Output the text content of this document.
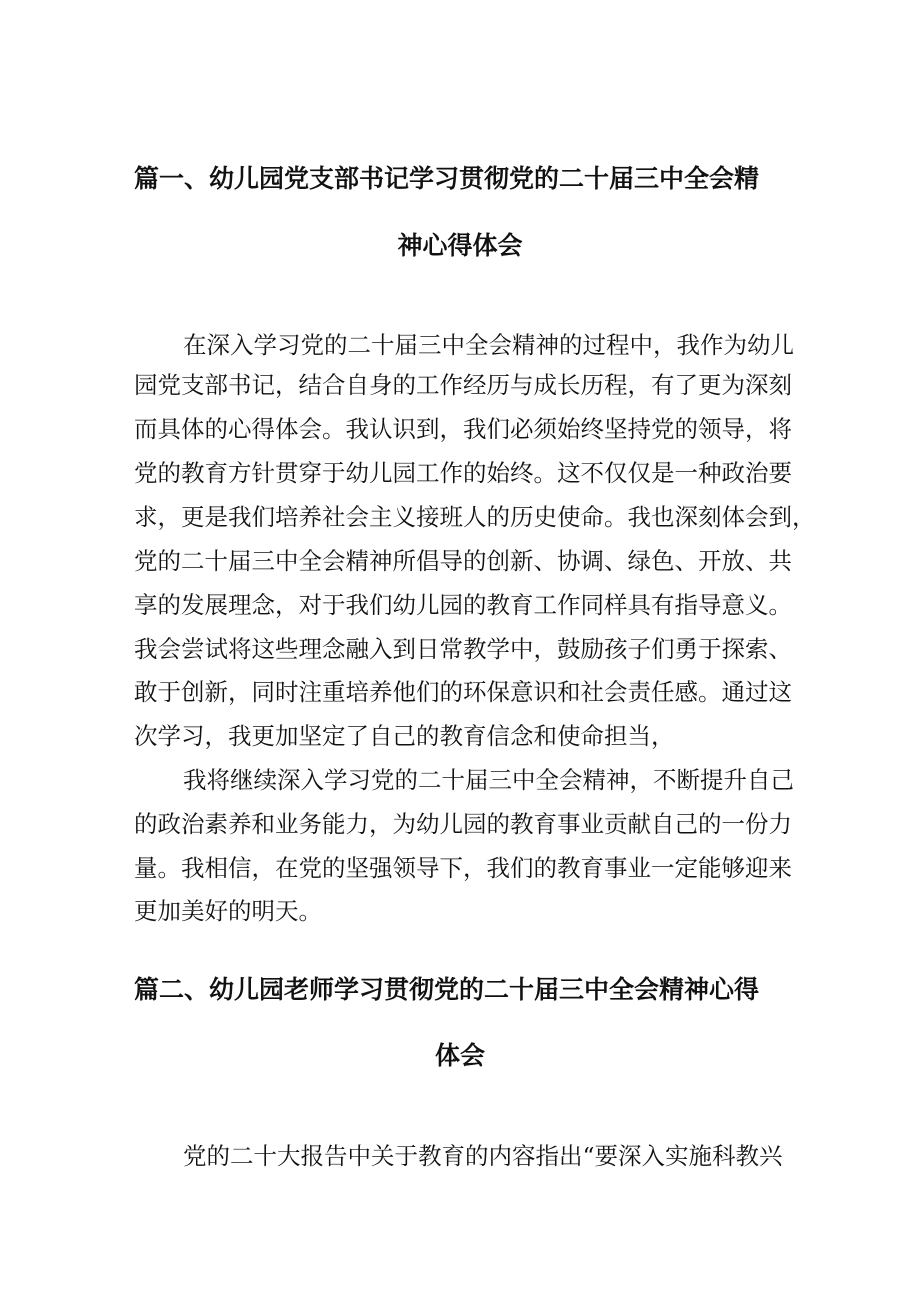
篇一、幼儿园党支部书记学习贯彻党的二十届三中全会精
神心得体会

在深入学习党的二十届三中全会精神的过程中，我作为幼儿

园党支部书记，结合自身的工作经历与成长历程，有了更为深刻

而具体的心得体会。我认识到，我们必须始终坚持党的领导，将

党的教育方针贯穿于幼儿园工作的始终。这不仅仅是一种政治要

求，更是我们培养社会主义接班人的历史使命。我也深刻体会到，

党的二十届三中全会精神所倡导的创新、协调、绿色、开放、共

享的发展理念，对于我们幼儿园的教育工作同样具有指导意义。

我会尝试将这些理念融入到日常教学中，鼓励孩子们勇于探索、

敢于创新，同时注重培养他们的环保意识和社会责任感。通过这

次学习，我更加坚定了自己的教育信念和使命担当，

我将继续深入学习党的二十届三中全会精神，不断提升自己

的政治素养和业务能力，为幼儿园的教育事业贡献自己的一份力

量。我相信，在党的坚强领导下，我们的教育事业一定能够迎来

更加美好的明天。

篇二、幼儿园老师学习贯彻党的二十届三中全会精神心得
体会

党的二十大报告中关于教育的内容指出“要深入实施科教兴
